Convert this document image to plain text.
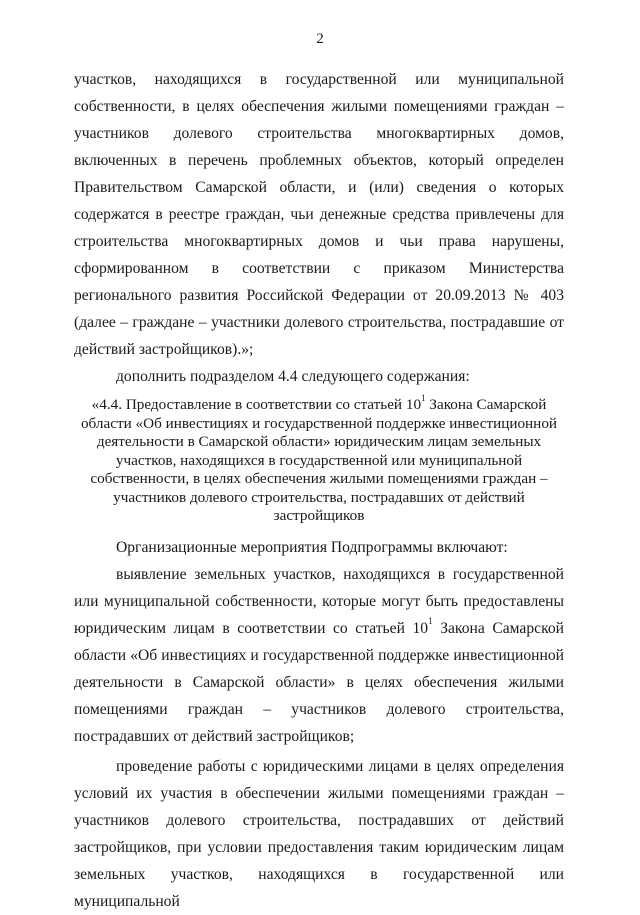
2

участков, находящихся в государственной или муниципальной собственности, в целях обеспечения жилыми помещениями граждан – участников долевого строительства многоквартирных домов, включенных в перечень проблемных объектов, который определен Правительством Самарской области, и (или) сведения о которых содержатся в реестре граждан, чьи денежные средства привлечены для строительства многоквартирных домов и чьи права нарушены, сформированном в соответствии с приказом Министерства регионального развития Российской Федерации от 20.09.2013 № 403 (далее – граждане – участники долевого строительства, пострадавшие от действий застройщиков).»;

дополнить подразделом 4.4 следующего содержания:

«4.4. Предоставление в соответствии со статьей $10^1$ Закона Самарской области «Об инвестициях и государственной поддержке инвестиционной деятельности в Самарской области» юридическим лицам земельных участков, находящихся в государственной или муниципальной собственности, в целях обеспечения жилыми помещениями граждан – участников долевого строительства, пострадавших от действий застройщиков

Организационные мероприятия Подпрограммы включают:

выявление земельных участков, находящихся в государственной или муниципальной собственности, которые могут быть предоставлены юридическим лицам в соответствии со статьей $10^1$ Закона Самарской области «Об инвестициях и государственной поддержке инвестиционной деятельности в Самарской области» в целях обеспечения жилыми помещениями граждан – участников долевого строительства, пострадавших от действий застройщиков;

проведение работы с юридическими лицами в целях определения условий их участия в обеспечении жилыми помещениями граждан – участников долевого строительства, пострадавших от действий застройщиков, при условии предоставления таким юридическим лицам земельных участков, находящихся в государственной или муниципальной
